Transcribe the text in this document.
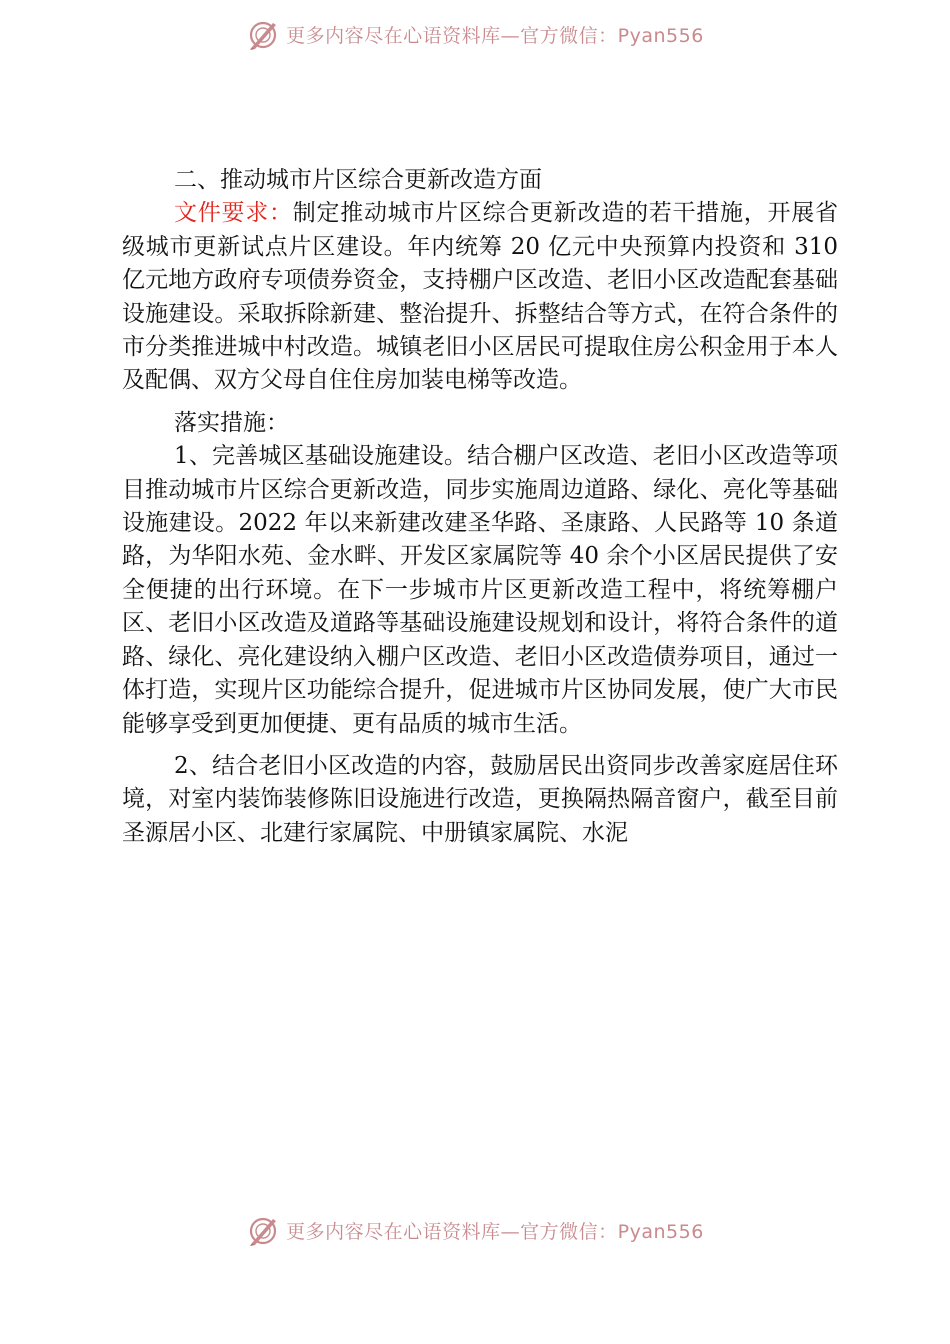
更多内容尽在心语资料库—官方微信：Pyan556

二、推动城市片区综合更新改造方面

文件要求：制定推动城市片区综合更新改造的若干措施，开展省级城市更新试点片区建设。年内统筹 20 亿元中央预算内投资和 310 亿元地方政府专项债券资金，支持棚户区改造、老旧小区改造配套基础设施建设。采取拆除新建、整治提升、拆整结合等方式，在符合条件的市分类推进城中村改造。城镇老旧小区居民可提取住房公积金用于本人及配偶、双方父母自住住房加装电梯等改造。

落实措施：

1、完善城区基础设施建设。结合棚户区改造、老旧小区改造等项目推动城市片区综合更新改造，同步实施周边道路、绿化、亮化等基础设施建设。2022 年以来新建改建圣华路、圣康路、人民路等 10 条道路，为华阳水苑、金水畔、开发区家属院等 40 余个小区居民提供了安全便捷的出行环境。在下一步城市片区更新改造工程中，将统筹棚户区、老旧小区改造及道路等基础设施建设规划和设计，将符合条件的道路、绿化、亮化建设纳入棚户区改造、老旧小区改造债券项目，通过一体打造，实现片区功能综合提升，促进城市片区协同发展，使广大市民能够享受到更加便捷、更有品质的城市生活。

2、结合老旧小区改造的内容，鼓励居民出资同步改善家庭居住环境，对室内装饰装修陈旧设施进行改造，更换隔热隔音窗户，截至目前圣源居小区、北建行家属院、中册镇家属院、水泥

更多内容尽在心语资料库—官方微信：Pyan556
